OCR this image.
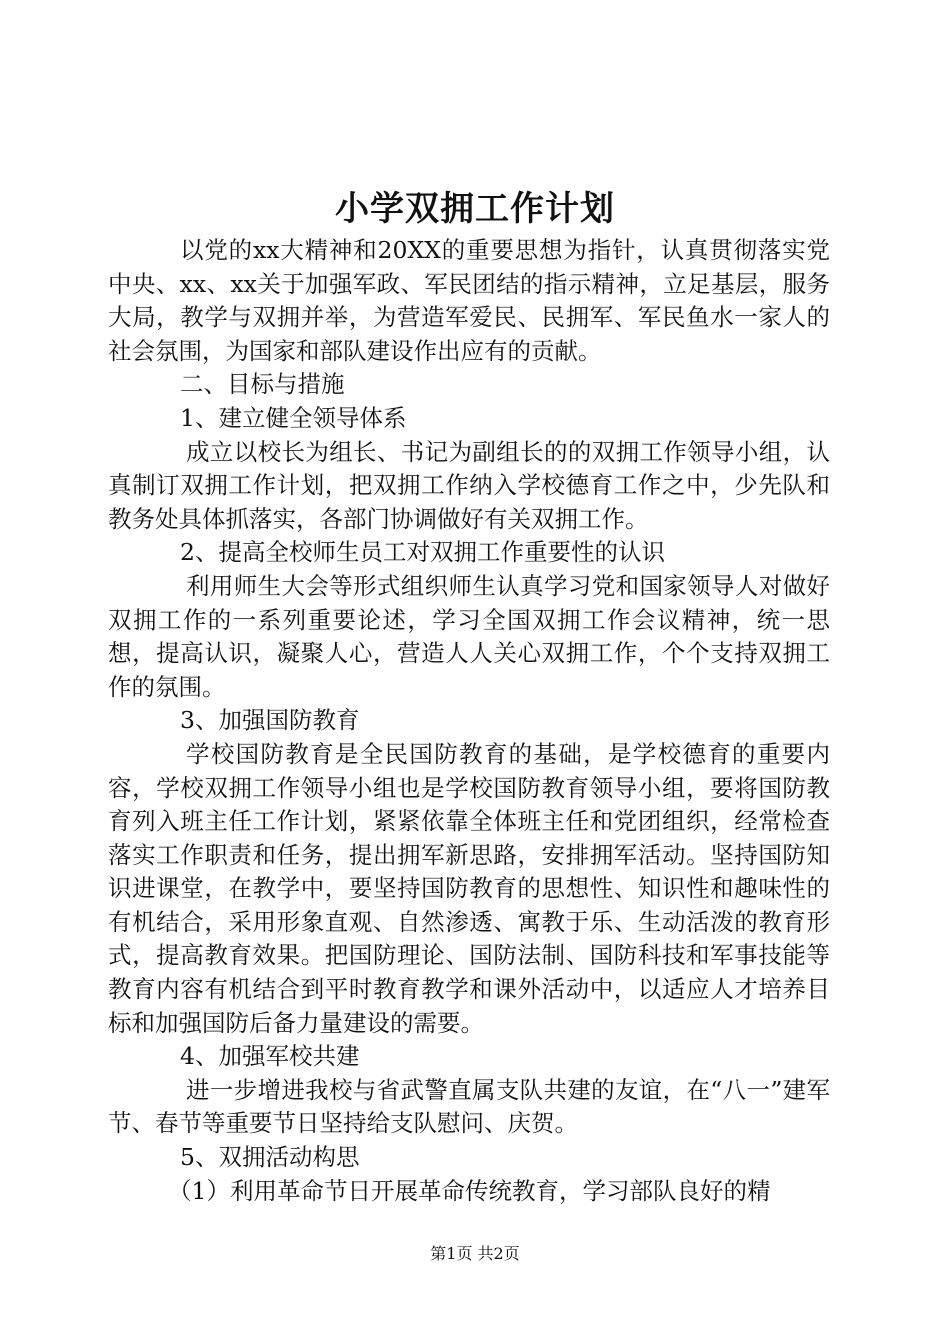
小学双拥工作计划

以党的xx大精神和20XX的重要思想为指针，认真贯彻落实党中央、xx、xx关于加强军政、军民团结的指示精神，立足基层，服务大局，教学与双拥并举，为营造军爱民、民拥军、军民鱼水一家人的社会氛围，为国家和部队建设作出应有的贡献。

二、目标与措施

1、建立健全领导体系

成立以校长为组长、书记为副组长的的双拥工作领导小组，认真制订双拥工作计划，把双拥工作纳入学校德育工作之中，少先队和教务处具体抓落实，各部门协调做好有关双拥工作。

2、提高全校师生员工对双拥工作重要性的认识

利用师生大会等形式组织师生认真学习党和国家领导人对做好双拥工作的一系列重要论述，学习全国双拥工作会议精神，统一思想，提高认识，凝聚人心，营造人人关心双拥工作，个个支持双拥工作的氛围。

3、加强国防教育

学校国防教育是全民国防教育的基础，是学校德育的重要内容，学校双拥工作领导小组也是学校国防教育领导小组，要将国防教育列入班主任工作计划，紧紧依靠全体班主任和党团组织，经常检查落实工作职责和任务，提出拥军新思路，安排拥军活动。坚持国防知识进课堂，在教学中，要坚持国防教育的思想性、知识性和趣味性的有机结合，采用形象直观、自然渗透、寓教于乐、生动活泼的教育形式，提高教育效果。把国防理论、国防法制、国防科技和军事技能等教育内容有机结合到平时教育教学和课外活动中，以适应人才培养目标和加强国防后备力量建设的需要。

4、加强军校共建

进一步增进我校与省武警直属支队共建的友谊，在“八一”建军节、春节等重要节日坚持给支队慰问、庆贺。

5、双拥活动构思

（1）利用革命节日开展革命传统教育，学习部队良好的精

第1页 共2页
